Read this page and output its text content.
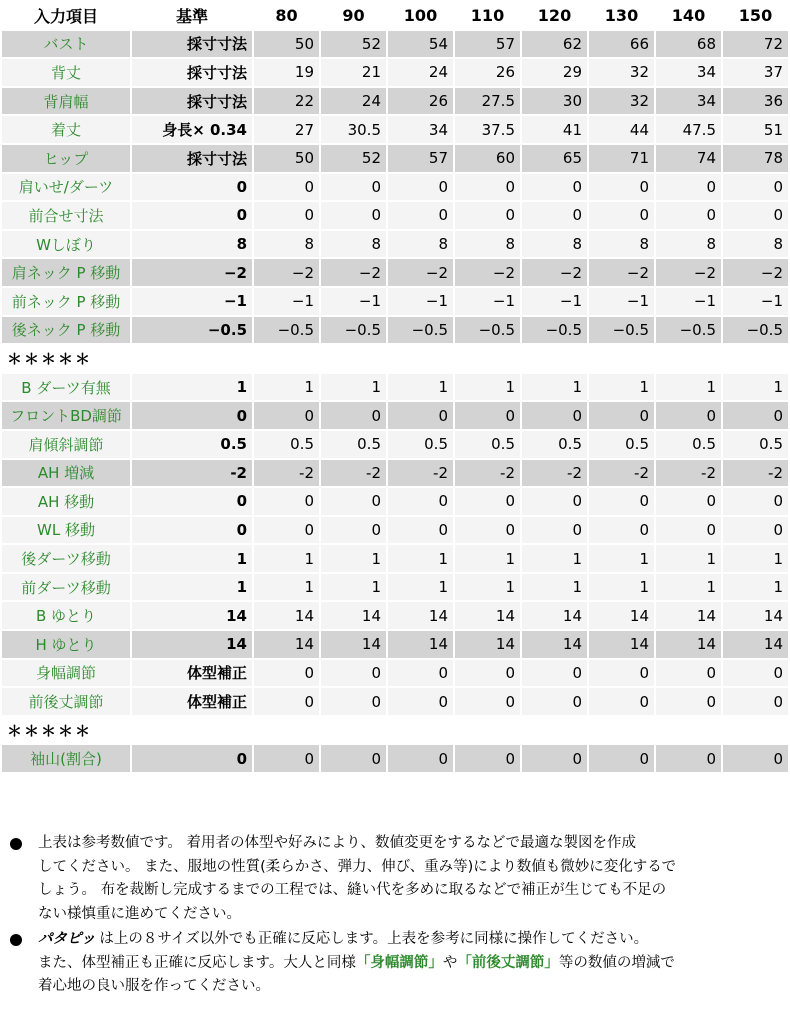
入力項目	基準	80	90	100	110	120	130	140	150
バスト	採寸寸法	50	52	54	57	62	66	68	72
背丈	採寸寸法	19	21	24	26	29	32	34	37
背肩幅	採寸寸法	22	24	26	27.5	30	32	34	36
着丈	身長× 0.34	27	30.5	34	37.5	41	44	47.5	51
ヒップ	採寸寸法	50	52	57	60	65	71	74	78
肩いせ/ダーツ	0	0	0	0	0	0	0	0	0
前合せ寸法	0	0	0	0	0	0	0	0	0
Wしぼり	8	8	8	8	8	8	8	8	8
肩ネック P 移動	−2	−2	−2	−2	−2	−2	−2	−2	−2
前ネック P 移動	−1	−1	−1	−1	−1	−1	−1	−1	−1
後ネック P 移動	−0.5	−0.5	−0.5	−0.5	−0.5	−0.5	−0.5	−0.5	−0.5
＊＊＊＊＊									
B ダーツ有無	1	1	1	1	1	1	1	1	1
フロントBD調節	0	0	0	0	0	0	0	0	0
肩傾斜調節	0.5	0.5	0.5	0.5	0.5	0.5	0.5	0.5	0.5
AH 増減	-2	-2	-2	-2	-2	-2	-2	-2	-2
AH 移動	0	0	0	0	0	0	0	0	0
WL 移動	0	0	0	0	0	0	0	0	0
後ダーツ移動	1	1	1	1	1	1	1	1	1
前ダーツ移動	1	1	1	1	1	1	1	1	1
B ゆとり	14	14	14	14	14	14	14	14	14
H ゆとり	14	14	14	14	14	14	14	14	14
身幅調節	体型補正	0	0	0	0	0	0	0	0
前後丈調節	体型補正	0	0	0	0	0	0	0	0
＊＊＊＊＊									
袖山(割合)	0	0	0	0	0	0	0	0	0
上表は参考数値です。 着用者の体型や好みにより、数値変更をするなどで最適な製図を作成
してください。 また、服地の性質(柔らかさ、弾力、伸び、重み等)により数値も微妙に変化するで
しょう。 布を裁断し完成するまでの工程では、縫い代を多めに取るなどで補正が生じても不足の
ない様慎重に進めてください。
パタピッ は上の８サイズ以外でも正確に反応します。上表を参考に同様に操作してください。
また、体型補正も正確に反応します。大人と同様「身幅調節」や「前後丈調節」等の数値の増減で
着心地の良い服を作ってください。
